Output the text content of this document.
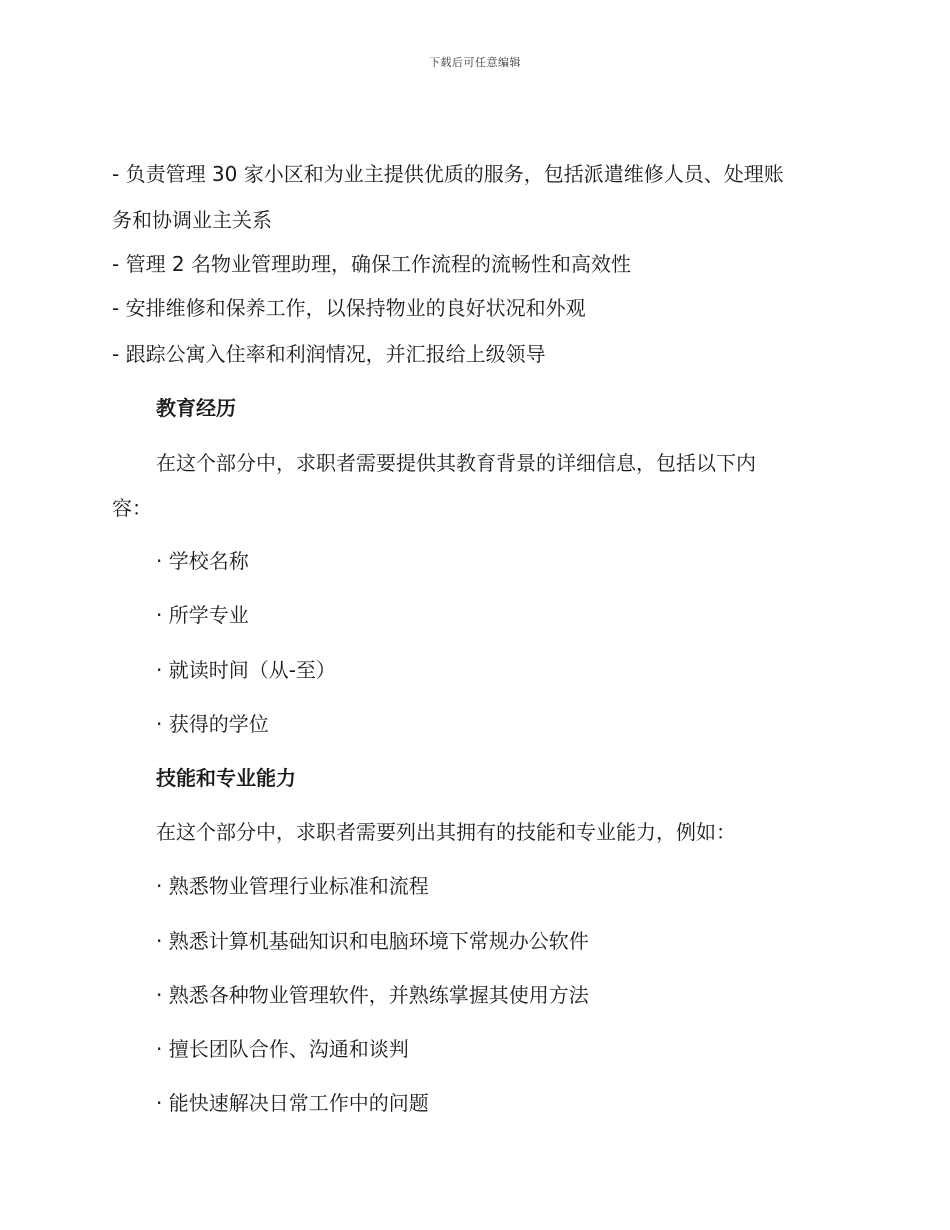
下载后可任意编辑
- 负责管理 30 家小区和为业主提供优质的服务，包括派遣维修人员、处理账
务和协调业主关系
- 管理 2 名物业管理助理，确保工作流程的流畅性和高效性
- 安排维修和保养工作，以保持物业的良好状况和外观
- 跟踪公寓入住率和利润情况，并汇报给上级领导
教育经历
在这个部分中，求职者需要提供其教育背景的详细信息，包括以下内
容：
· 学校名称
· 所学专业
· 就读时间（从-至）
· 获得的学位
技能和专业能力
在这个部分中，求职者需要列出其拥有的技能和专业能力，例如：
· 熟悉物业管理行业标准和流程
· 熟悉计算机基础知识和电脑环境下常规办公软件
· 熟悉各种物业管理软件，并熟练掌握其使用方法
· 擅长团队合作、沟通和谈判
· 能快速解决日常工作中的问题
